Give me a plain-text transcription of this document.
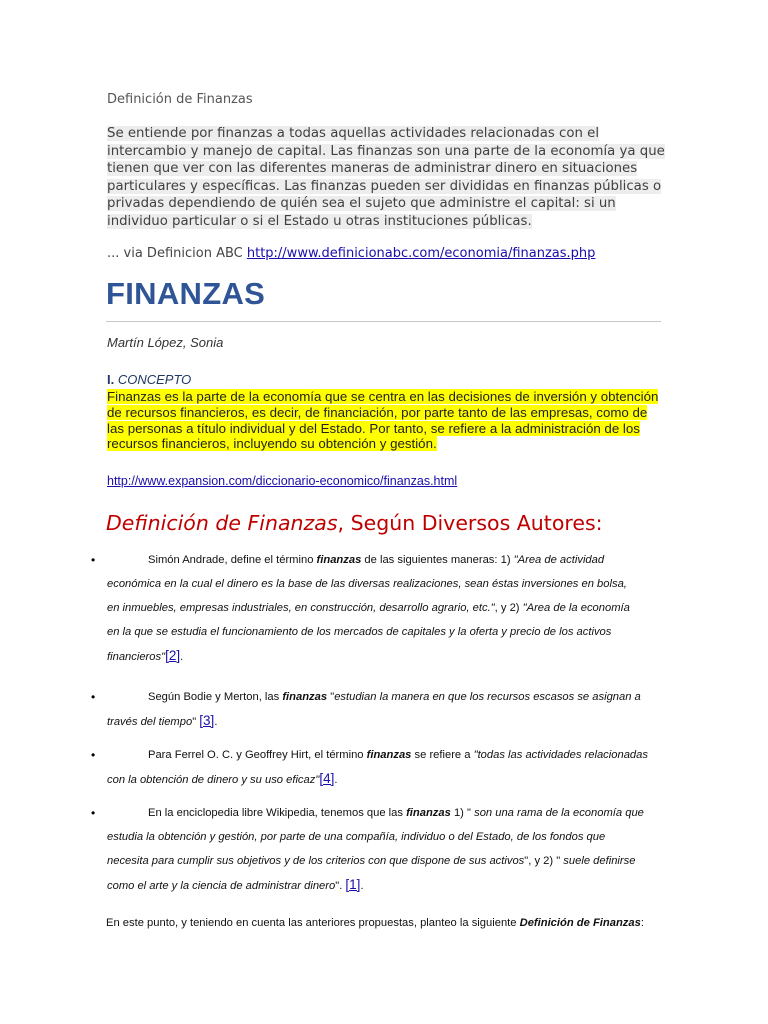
Definición de Finanzas
Se entiende por finanzas a todas aquellas actividades relacionadas con el intercambio y manejo de capital. Las finanzas son una parte de la economía ya que tienen que ver con las diferentes maneras de administrar dinero en situaciones particulares y específicas. Las finanzas pueden ser divididas en finanzas públicas o privadas dependiendo de quién sea el sujeto que administre el capital: si un individuo particular o si el Estado u otras instituciones públicas.
... via Definicion ABC http://www.definicionabc.com/economia/finanzas.php
FINANZAS
Martín López, Sonia
I. CONCEPTO
Finanzas es la parte de la economía que se centra en las decisiones de inversión y obtención de recursos financieros, es decir, de financiación, por parte tanto de las empresas, como de las personas a título individual y del Estado. Por tanto, se refiere a la administración de los recursos financieros, incluyendo su obtención y gestión.
http://www.expansion.com/diccionario-economico/finanzas.html
Definición de Finanzas, Según Diversos Autores:
•	Simón Andrade, define el término finanzas de las siguientes maneras: 1) "Area de actividad
económica en la cual el dinero es la base de las diversas realizaciones, sean éstas inversiones en bolsa,
en inmuebles, empresas industriales, en construcción, desarrollo agrario, etc.", y 2) "Area de la economía
en la que se estudia el funcionamiento de los mercados de capitales y la oferta y precio de los activos
financieros"[2].
•	Según Bodie y Merton, las finanzas "estudian la manera en que los recursos escasos se asignan a
través del tiempo" [3].
•	Para Ferrel O. C. y Geoffrey Hirt, el término finanzas se refiere a "todas las actividades relacionadas
con la obtención de dinero y su uso eficaz"[4].
•	En la enciclopedia libre Wikipedia, tenemos que las finanzas 1) " son una rama de la economía que
estudia la obtención y gestión, por parte de una compañía, individuo o del Estado, de los fondos que
necesita para cumplir sus objetivos y de los criterios con que dispone de sus activos", y 2) " suele definirse
como el arte y la ciencia de administrar dinero". [1].
En este punto, y teniendo en cuenta las anteriores propuestas, planteo la siguiente Definición de Finanzas:
